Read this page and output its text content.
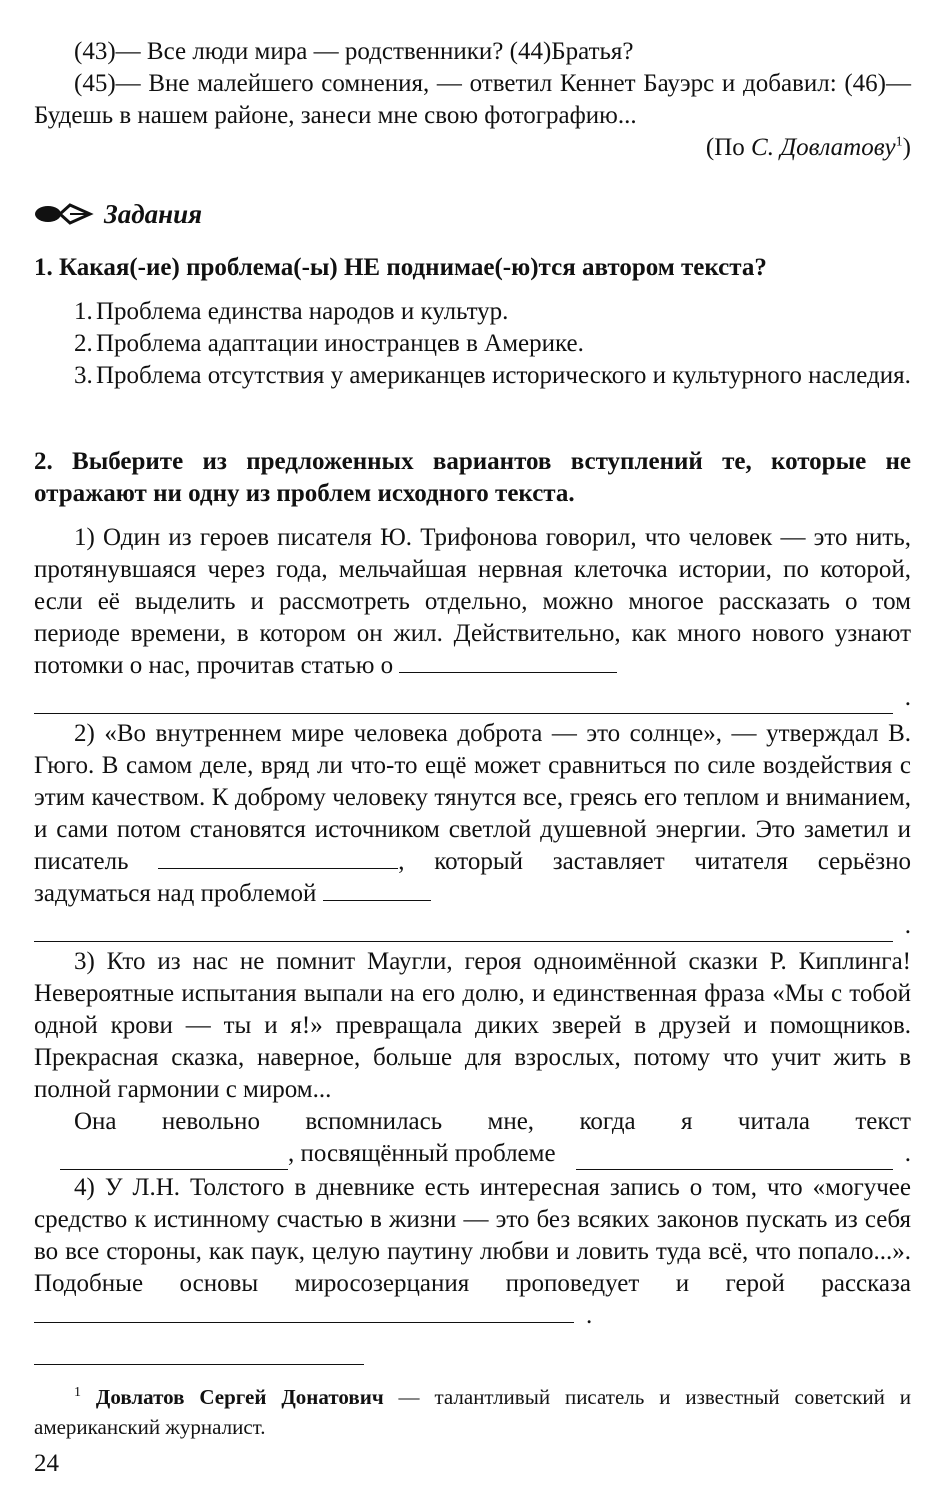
(43)— Все люди мира — родственники? (44)Братья?

(45)— Вне малейшего сомнения, — ответил Кеннет Бауэрс и добавил: (46)— Будешь в нашем районе, занеси мне свою фотографию...

(По С. Довлатову$^1$)

Задания

1. Какая(-ие) проблема(-ы) НЕ поднимае(-ю)тся автором текста?

1. Проблема единства народов и культур.

2. Проблема адаптации иностранцев в Америке.

3. Проблема отсутствия у американцев исторического и культурного наследия.

2. Выберите из предложенных вариантов вступлений те, которые не отражают ни одну из проблем исходного текста.

1) Один из героев писателя Ю. Трифонова говорил, что человек — это нить, протянувшаяся через года, мельчайшая нервная клеточка истории, по которой, если её выделить и рассмотреть отдельно, можно многое рассказать о том периоде времени, в котором он жил. Действительно, как много нового узнают потомки о нас, прочитав статью о

.

2) «Во внутреннем мире человека доброта — это солнце», — утверждал В. Гюго. В самом деле, вряд ли что-то ещё может сравниться по силе воздействия с этим качеством. К доброму человеку тянутся все, греясь его теплом и вниманием, и сами потом становятся источником светлой душевной энергии. Это заметил и писатель	, который заставляет читателя серьёзно задуматься над проблемой

.

3) Кто из нас не помнит Маугли, героя одноимённой сказки Р. Киплинга! Невероятные испытания выпали на его долю, и единственная фраза «Мы с тобой одной крови — ты и я!» превращала диких зверей в друзей и помощников. Прекрасная сказка, наверное, больше для взрослых, потому что учит жить в полной гармонии с миром...

Она невольно вспомнилась мне, когда я читала текст
, посвящённый проблеме	.

4) У Л.Н. Толстого в дневнике есть интересная запись о том, что «могучее средство к истинному счастью в жизни — это без всяких законов пускать из себя во все стороны, как паук, целую паутину любви и ловить туда всё, что попало...». Подобные основы миросозерцания проповедует и герой рассказа .

$^1$ Довлатов Сергей Донатович — талантливый писатель и известный советский и американский журналист.

24
